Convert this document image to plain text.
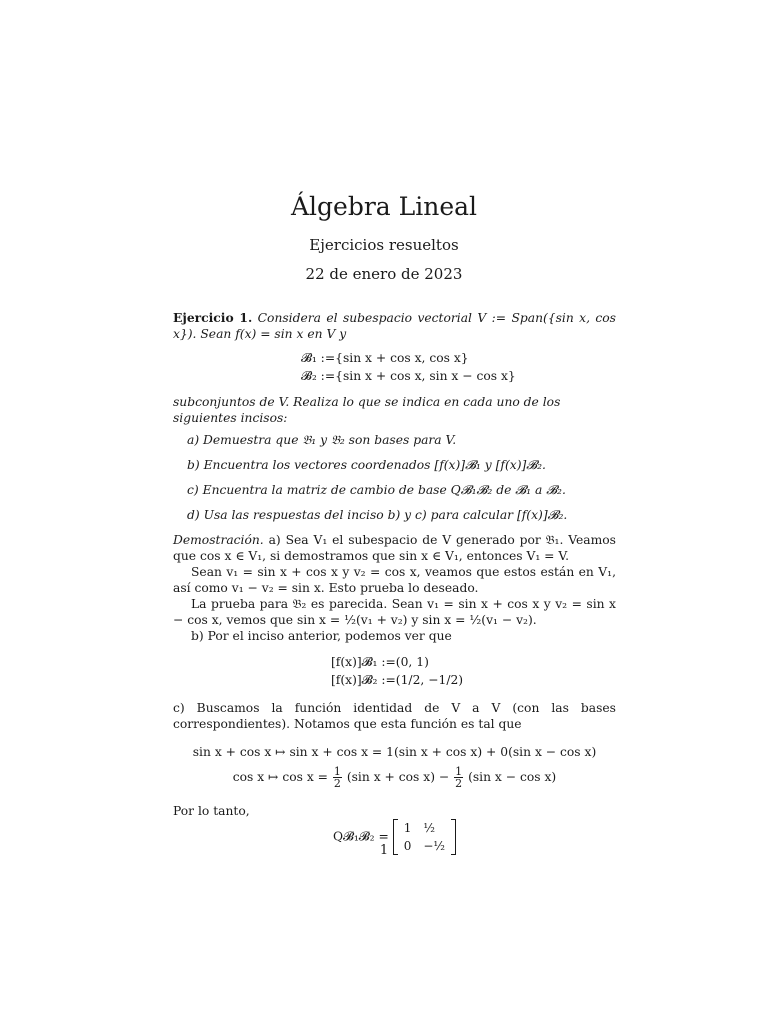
Álgebra Lineal
Ejercicios resueltos
22 de enero de 2023

Ejercicio 1. Considera el subespacio vectorial V := Span({sin x, cos x}). Sean f(x) = sin x en V y

𝓑₁ :={sin x + cos x, cos x}
𝓑₂ :={sin x + cos x, sin x − cos x}

subconjuntos de V. Realiza lo que se indica en cada uno de los siguientes incisos:

a) Demuestra que 𝔅₁ y 𝔅₂ son bases para V.
b) Encuentra los vectores coordenados [f(x)]𝓑₁ y [f(x)]𝓑₂.
c) Encuentra la matriz de cambio de base Q𝓑₁𝓑₂ de 𝓑₁ a 𝓑₂.
d) Usa las respuestas del inciso b) y c) para calcular [f(x)]𝓑₂.

Demostración. a) Sea V₁ el subespacio de V generado por 𝔅₁. Veamos que cos x ∈ V₁, si demostramos que sin x ∈ V₁, entonces V₁ = V.

Sean v₁ = sin x + cos x y v₂ = cos x, veamos que estos están en V₁, así como v₁ − v₂ = sin x. Esto prueba lo deseado.

La prueba para 𝔅₂ es parecida. Sean v₁ = sin x + cos x y v₂ = sin x − cos x, vemos que sin x = ½(v₁ + v₂) y sin x = ½(v₁ − v₂).

b) Por el inciso anterior, podemos ver que

[f(x)]𝓑₁ :=(0, 1)
[f(x)]𝓑₂ :=(1/2, −1/2)

c) Buscamos la función identidad de V a V (con las bases correspondientes). Notamos que esta función es tal que

sin x + cos x ↦ sin x + cos x = 1(sin x + cos x) + 0(sin x − cos x)
cos x ↦ $\cos x = \frac{1}{2} (\sin$ $x + \cos x) - \frac{1}{2} (\sin$ x − cos x)

Por lo tanto,

Q𝓑₁𝓑₂ =
1	½
0	−½
1
